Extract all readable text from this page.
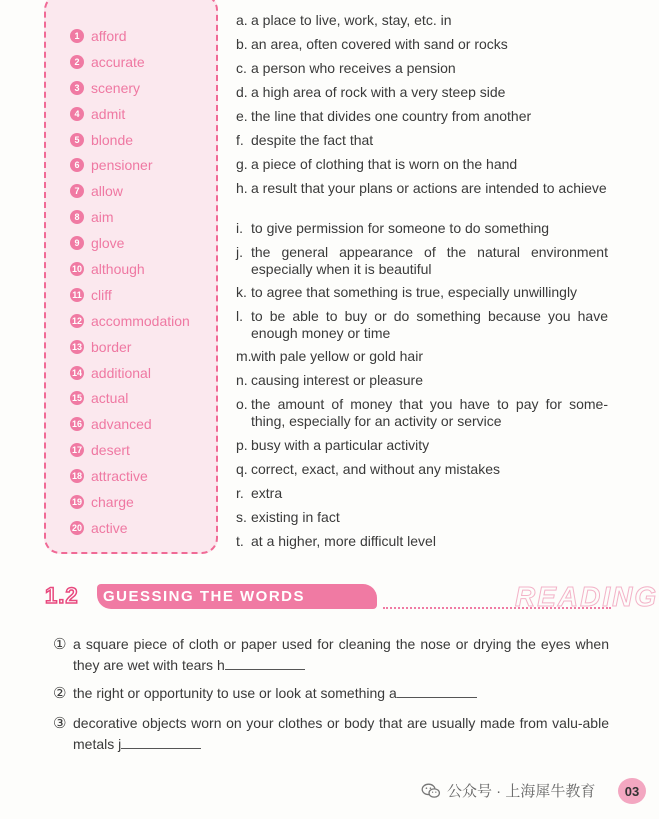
1 afford
2 accurate
3 scenery
4 admit
5 blonde
6 pensioner
7 allow
8 aim
9 glove
10 although
11 cliff
12 accommodation
13 border
14 additional
15 actual
16 advanced
17 desert
18 attractive
19 charge
20 active
a. a place to live, work, stay, etc. in
b. an area, often covered with sand or rocks
c. a person who receives a pension
d. a high area of rock with a very steep side
e. the line that divides one country from another
f. despite the fact that
g. a piece of clothing that is worn on the hand
h. a result that your plans or actions are intended to achieve
i. to give permission for someone to do something
j. the general appearance of the natural environment especially when it is beautiful
k. to agree that something is true, especially unwillingly
l. to be able to buy or do something because you have enough money or time
m. with pale yellow or gold hair
n. causing interest or pleasure
o. the amount of money that you have to pay for some-thing, especially for an activity or service
p. busy with a particular activity
q. correct, exact, and without any mistakes
r. extra
s. existing in fact
t. at a higher, more difficult level
1.2 GUESSING THE WORDS	READING
① a square piece of cloth or paper used for cleaning the nose or drying the eyes when they are wet with tears h
② the right or opportunity to use or look at something a
③ decorative objects worn on your clothes or body that are usually made from valu-able metals j
公众号 · 上海犀牛教育	03
